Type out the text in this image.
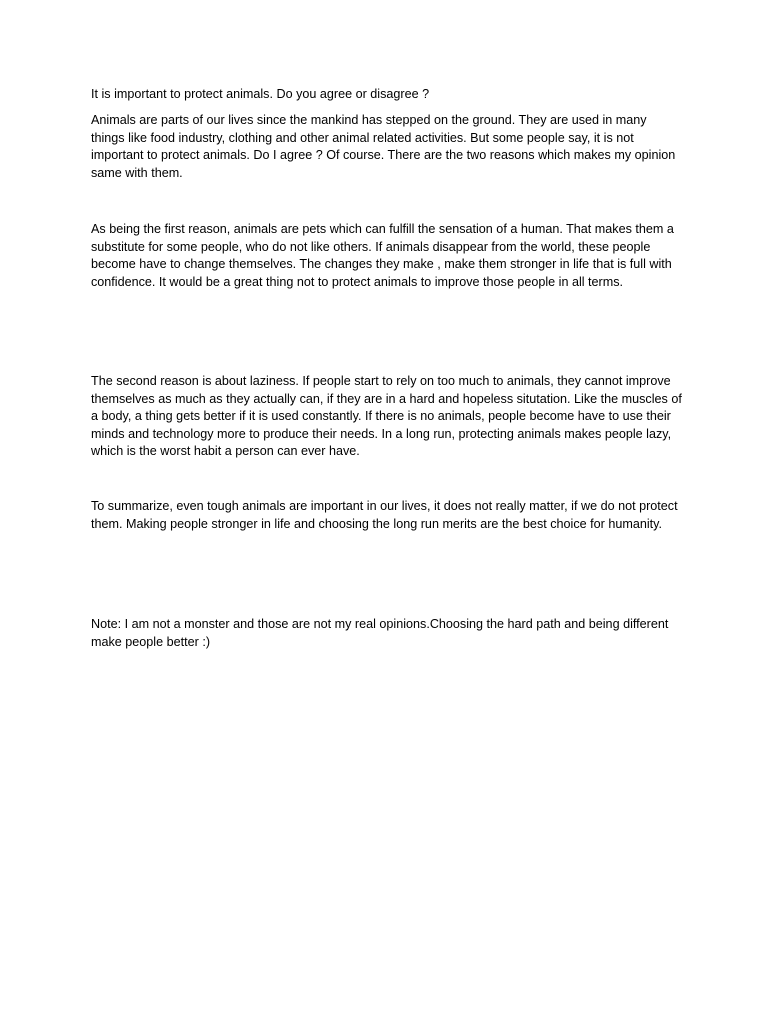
It is important to protect animals. Do you agree or disagree ?

Animals are parts of our lives since the mankind has stepped on the ground. They are used in many things like food industry, clothing and other animal related activities. But some people say, it is not important to protect animals. Do I agree ? Of course. There are the two reasons which makes my opinion same with them.

As being the first reason, animals are pets which can fulfill the sensation of a human. That makes them a substitute for some people, who do not like others. If animals disappear from the world, these people become have to change themselves. The changes they make , make them stronger in life that is full with confidence. It would be a great thing not to protect animals to improve those people in all terms.

The second reason is about laziness. If people start to rely on too much to animals, they cannot improve themselves as much as they actually can, if they are in a hard and hopeless situtation. Like the muscles of a body, a thing gets better if it is used constantly. If there is no animals, people become have to use their minds and technology more to produce their needs. In a long run, protecting animals makes people lazy, which is the worst habit a person can ever have.

To summarize, even tough animals are important in our lives, it does not really matter, if we do not protect them. Making people stronger in life and choosing the long run merits are the best choice for humanity.

Note: I am not a monster and those are not my real opinions.Choosing the hard path and being different make people better :)
